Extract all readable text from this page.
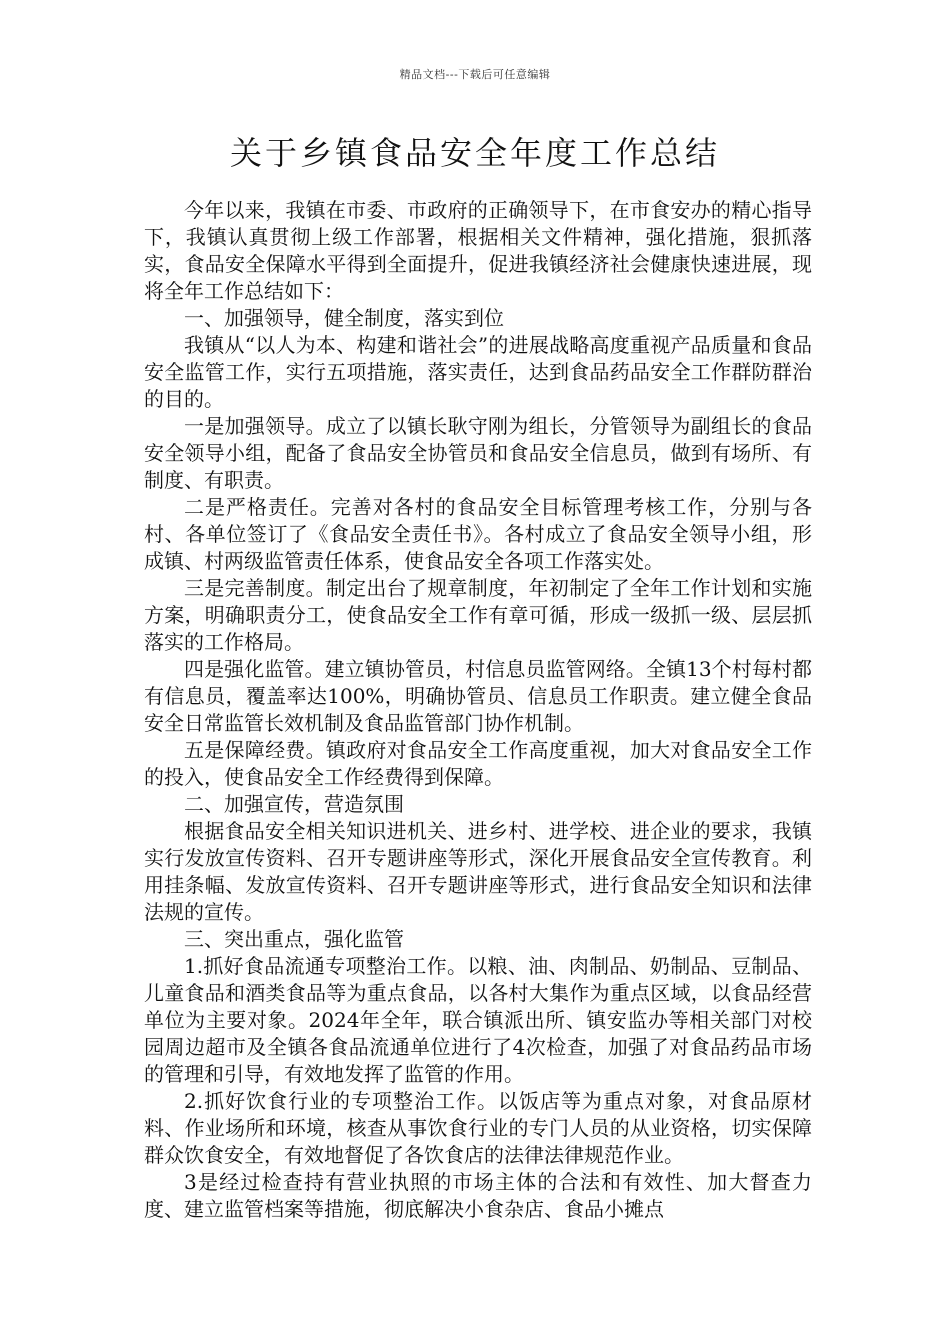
精品文档---下载后可任意编辑
关于乡镇食品安全年度工作总结

今年以来，我镇在市委、市政府的正确领导下，在市食安办的精心指导下，我镇认真贯彻上级工作部署，根据相关文件精神，强化措施，狠抓落实，食品安全保障水平得到全面提升，促进我镇经济社会健康快速进展，现将全年工作总结如下：

一、加强领导，健全制度，落实到位

我镇从“以人为本、构建和谐社会”的进展战略高度重视产品质量和食品安全监管工作，实行五项措施，落实责任，达到食品药品安全工作群防群治的目的。

一是加强领导。成立了以镇长耿守刚为组长，分管领导为副组长的食品安全领导小组，配备了食品安全协管员和食品安全信息员，做到有场所、有制度、有职责。

二是严格责任。完善对各村的食品安全目标管理考核工作，分别与各村、各单位签订了《食品安全责任书》。各村成立了食品安全领导小组，形成镇、村两级监管责任体系，使食品安全各项工作落实处。

三是完善制度。制定出台了规章制度，年初制定了全年工作计划和实施方案，明确职责分工，使食品安全工作有章可循，形成一级抓一级、层层抓落实的工作格局。

四是强化监管。建立镇协管员，村信息员监管网络。全镇13个村每村都有信息员，覆盖率达100%，明确协管员、信息员工作职责。建立健全食品安全日常监管长效机制及食品监管部门协作机制。

五是保障经费。镇政府对食品安全工作高度重视，加大对食品安全工作的投入，使食品安全工作经费得到保障。

二、加强宣传，营造氛围

根据食品安全相关知识进机关、进乡村、进学校、进企业的要求，我镇实行发放宣传资料、召开专题讲座等形式，深化开展食品安全宣传教育。利用挂条幅、发放宣传资料、召开专题讲座等形式，进行食品安全知识和法律法规的宣传。

三、突出重点，强化监管

1.抓好食品流通专项整治工作。以粮、油、肉制品、奶制品、豆制品、儿童食品和酒类食品等为重点食品，以各村大集作为重点区域，以食品经营单位为主要对象。2024年全年，联合镇派出所、镇安监办等相关部门对校园周边超市及全镇各食品流通单位进行了4次检查，加强了对食品药品市场的管理和引导，有效地发挥了监管的作用。

2.抓好饮食行业的专项整治工作。以饭店等为重点对象，对食品原材料、作业场所和环境，核查从事饮食行业的专门人员的从业资格，切实保障群众饮食安全，有效地督促了各饮食店的法律法律规范作业。

3是经过检查持有营业执照的市场主体的合法和有效性、加大督查力度、建立监管档案等措施，彻底解决小食杂店、食品小摊点
